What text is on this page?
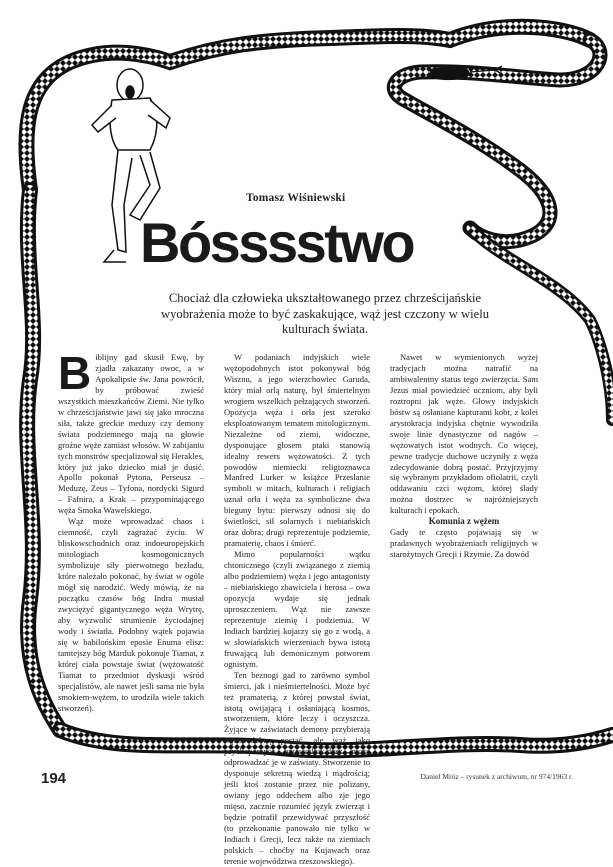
Tomasz Wiśniewski
Bósssstwo
Chociaż dla człowieka ukształtowanego przez chrześcijańskie wyobrażenia może to być zaskakujące, wąż jest czczony w wielu kulturach świata.

Biblijny gad skusił Ewę, by zjadła zakazany owoc, a w Apokalipsie św. Jana powrócił, by próbować zwieść wszystkich mieszkańców Ziemi. Nie tylko w chrześcijaństwie jawi się jako mroczna siła, także greckie meduzy czy demony świata podziemnego mają na głowie groźne węże zamiast włosów. W zabijaniu tych monstrów specjalizował się Herakles, który już jako dziecko miał je dusić. Apollo pokonał Pytona, Perseusz – Meduzę, Zeus – Tyfona, nordycki Sigurd – Fafnira, a Krak – przypominającego węża Smoka Wawelskiego.

Wąż może wprowadzać chaos i ciemność, czyli zagrażać życiu. W bliskowschodnich oraz indoeuropejskich mitologiach kosmogonicznych symbolizuje siły pierwotnego bezładu, które należało pokonać, by świat w ogóle mógł się narodzić. Wedy mówią, że na początku czasów bóg Indra musiał zwyciężyć gigantycznego węża Wrytrę, aby wyzwolić strumienie życiodajnej wody i światła. Podobny wątek pojawia się w babilońskim eposie Enuma elisz: tamtejszy bóg Marduk pokonuje Tiamat, z której ciała powstaje świat (wężowatość Tiamat to przedmiot dyskusji wśród specjalistów, ale nawet jeśli sama nie była smokiem-wężem, to urodziła wiele takich stworzeń).

W podaniach indyjskich wiele wężopodobnych istot pokonywał bóg Wisznu, a jego wierzchowiec Garuda, który miał orlą naturę, był śmiertelnym wrogiem wszelkich pełzających stworzeń. Opozycja węża i orła jest szeroko eksploatowanym tematem mitologicznym. Niezależne od ziemi, widoczne, dysponujące głosem ptaki stanowią idealny rewers wężowatości. Z tych powodów niemiecki religioznawca Manfred Lurker w książce Przesłanie symboli w mitach, kulturach i religiach uznał orła i węża za symboliczne dwa bieguny bytu: pierwszy odnosi się do świetlości, sił solarnych i niebiańskich oraz dobra; drugi reprezentuje podziemie, pramaterię, chaos i śmierć.

Mimo popularności wątku chtonicznego (czyli związanego z ziemią albo podziemiem) węża i jego antagonisty – niebiańskiego zbawiciela i herosa – owa opozycja wydaje się jednak uproszczeniem. Wąż nie zawsze reprezentuje ziemię i podziemia. W Indiach bardziej kojarzy się go z wodą, a w słowiańskich wierzeniach bywa istotą fruwającą lub demonicznym potworem ognistym.

Ten beznogi gad to zarówno symbol śmierci, jak i nieśmiertelności. Może być też pramaterią, z której powstał świat, istotą owijającą i osłaniającą kosmos, stworzeniem, które leczy i oczyszcza. Żyjące w zaświatach demony przybierają wężopodobną postać, ale wąż jako psychopompós – przewodnik dusz – może odprowadzać je w zaświaty. Stworzenie to dysponuje sekretną wiedzą i mądrością; jeśli ktoś zostanie przez nie polizany, owiany jego oddechem albo zje jego mięso, zacznie rozumieć język zwierząt i będzie potrafił przewidywać przyszłość (to przekonanie panowało nie tylko w Indiach i Grecji, lecz także na ziemiach polskich – choćby na Kujawach oraz terenie województwa rzeszowskiego).

Nawet w wymienionych wyżej tradycjach można natrafić na ambiwalentny status tego zwierzęcia. Sam Jezus miał powiedzieć uczniom, aby byli roztropni jak węże. Głowy indyjskich bóstw są osłaniane kapturami kobr, z kolei arystokracja indyjska chętnie wywodziła swoje linie dynastyczne od nagów – wężowatych istot wodnych. Co więcej, pewne tradycje duchowe uczyniły z węża zdecydowanie dobrą postać. Przyjrzyjmy się wybranym przykładom ofiolatrii, czyli oddawaniu czci wężom, której ślady można dostrzec w najróżniejszych kulturach i epokach.

Komunia z wężem

Gady te często pojawiają się w pradawnych wyobrażeniach religijnych w starożytnych Grecji i Rzymie. Za dowód

194	Daniel Mróz – rysunek z archiwum, nr 974/1963 r.
